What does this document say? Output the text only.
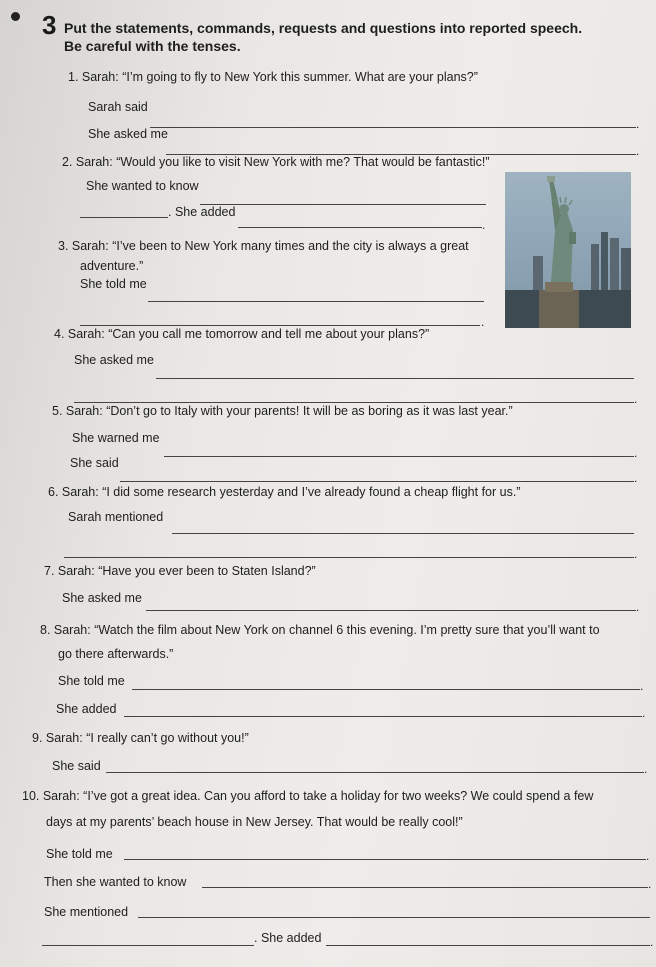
3 Put the statements, commands, requests and questions into reported speech.
Be careful with the tenses.
1. Sarah: “I’m going to fly to New York this summer. What are your plans?”
Sarah said
.
She asked me
.
2. Sarah: “Would you like to visit New York with me? That would be fantastic!”
She wanted to know
. She added
.
3. Sarah: “I’ve been to New York many times and the city is always a great
adventure.”
She told me
.
4. Sarah: “Can you call me tomorrow and tell me about your plans?”
She asked me
.
5. Sarah: “Don’t go to Italy with your parents! It will be as boring as it was last year.”
She warned me
.
She said
.
6. Sarah: “I did some research yesterday and I’ve already found a cheap flight for us.”
Sarah mentioned
.
7. Sarah: “Have you ever been to Staten Island?”
She asked me
.
8. Sarah: “Watch the film about New York on channel 6 this evening. I’m pretty sure that you’ll want to
go there afterwards.”
She told me	.
She added	.
9. Sarah: “I really can’t go without you!”
She said	.
10. Sarah: “I’ve got a great idea. Can you afford to take a holiday for two weeks? We could spend a few
days at my parents’ beach house in New Jersey. That would be really cool!”
She told me	.
Then she wanted to know	.
She mentioned
. She added	.
